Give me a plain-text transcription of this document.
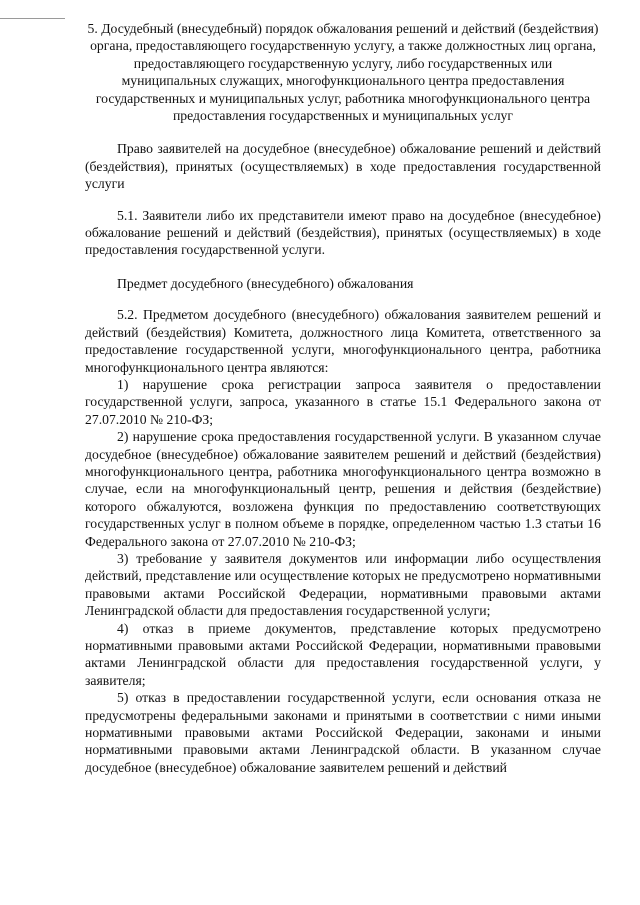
5. Досудебный (внесудебный) порядок обжалования решений и действий (бездействия) органа, предоставляющего государственную услугу, а также должностных лиц органа, предоставляющего государственную услугу, либо государственных или муниципальных служащих, многофункционального центра предоставления государственных и муниципальных услуг, работника многофункционального центра предоставления государственных и муниципальных услуг

Право заявителей на досудебное (внесудебное) обжалование решений и действий (бездействия), принятых (осуществляемых) в ходе предоставления государственной услуги

5.1. Заявители либо их представители имеют право на досудебное (внесудебное) обжалование решений и действий (бездействия), принятых (осуществляемых) в ходе предоставления государственной услуги.

Предмет досудебного (внесудебного) обжалования

5.2. Предметом досудебного (внесудебного) обжалования заявителем решений и действий (бездействия) Комитета, должностного лица Комитета, ответственного за предоставление государственной услуги, многофункционального центра, работника многофункционального центра являются:

1) нарушение срока регистрации запроса заявителя о предоставлении государственной услуги, запроса, указанного в статье 15.1 Федерального закона от 27.07.2010 № 210-ФЗ;

2) нарушение срока предоставления государственной услуги. В указанном случае досудебное (внесудебное) обжалование заявителем решений и действий (бездействия) многофункционального центра, работника многофункционального центра возможно в случае, если на многофункциональный центр, решения и действия (бездействие) которого обжалуются, возложена функция по предоставлению соответствующих государственных услуг в полном объеме в порядке, определенном частью 1.3 статьи 16 Федерального закона от 27.07.2010 № 210-ФЗ;

3) требование у заявителя документов или информации либо осуществления действий, представление или осуществление которых не предусмотрено нормативными правовыми актами Российской Федерации, нормативными правовыми актами Ленинградской области для предоставления государственной услуги;

4) отказ в приеме документов, представление которых предусмотрено нормативными правовыми актами Российской Федерации, нормативными правовыми актами Ленинградской области для предоставления государственной услуги, у заявителя;

5) отказ в предоставлении государственной услуги, если основания отказа не предусмотрены федеральными законами и принятыми в соответствии с ними иными нормативными правовыми актами Российской Федерации, законами и иными нормативными правовыми актами Ленинградской области. В указанном случае досудебное (внесудебное) обжалование заявителем решений и действий
